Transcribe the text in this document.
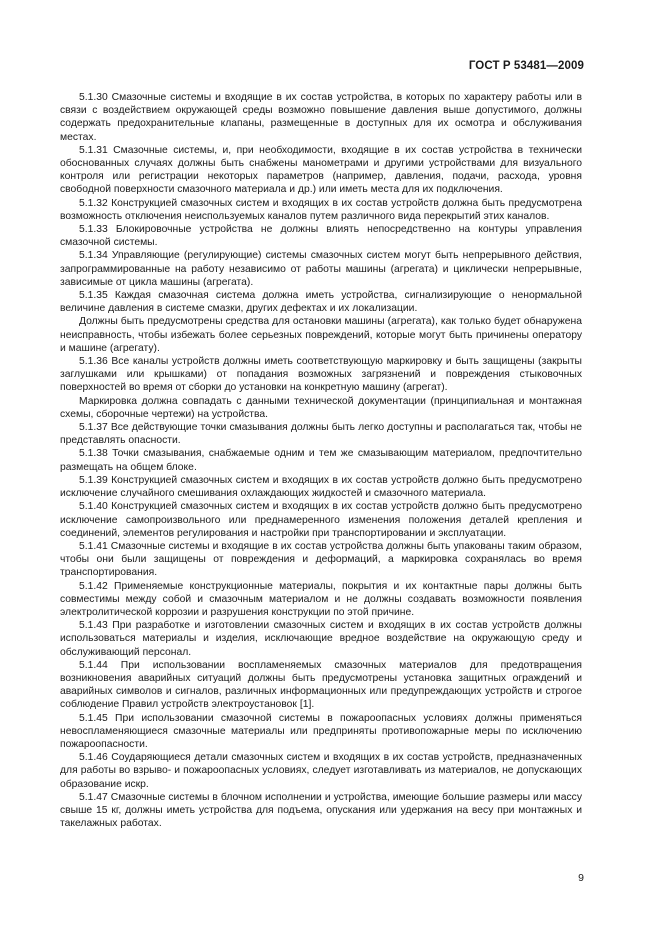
ГОСТ Р 53481—2009

5.1.30 Смазочные системы и входящие в их состав устройства, в которых по характеру работы или в связи с воздействием окружающей среды возможно повышение давления выше допустимого, должны содержать предохранительные клапаны, размещенные в доступных для их осмотра и обслуживания местах.

5.1.31 Смазочные системы, и, при необходимости, входящие в их состав устройства в технически обоснованных случаях должны быть снабжены манометрами и другими устройствами для визуального контроля или регистрации некоторых параметров (например, давления, подачи, расхода, уровня свободной поверхности смазочного материала и др.) или иметь места для их подключения.

5.1.32 Конструкцией смазочных систем и входящих в их состав устройств должна быть предусмотрена возможность отключения неиспользуемых каналов путем различного вида перекрытий этих каналов.

5.1.33 Блокировочные устройства не должны влиять непосредственно на контуры управления смазочной системы.

5.1.34 Управляющие (регулирующие) системы смазочных систем могут быть непрерывного действия, запрограммированные на работу независимо от работы машины (агрегата) и циклически непрерывные, зависимые от цикла машины (агрегата).

5.1.35 Каждая смазочная система должна иметь устройства, сигнализирующие о ненормальной величине давления в системе смазки, других дефектах и их локализации.

Должны быть предусмотрены средства для остановки машины (агрегата), как только будет обнаружена неисправность, чтобы избежать более серьезных повреждений, которые могут быть причинены оператору и машине (агрегату).

5.1.36 Все каналы устройств должны иметь соответствующую маркировку и быть защищены (закрыты заглушками или крышками) от попадания возможных загрязнений и повреждения стыковочных поверхностей во время от сборки до установки на конкретную машину (агрегат).

Маркировка должна совпадать с данными технической документации (принципиальная и монтажная схемы, сборочные чертежи) на устройства.

5.1.37 Все действующие точки смазывания должны быть легко доступны и располагаться так, чтобы не представлять опасности.

5.1.38 Точки смазывания, снабжаемые одним и тем же смазывающим материалом, предпочтительно размещать на общем блоке.

5.1.39 Конструкцией смазочных систем и входящих в их состав устройств должно быть предусмотрено исключение случайного смешивания охлаждающих жидкостей и смазочного материала.

5.1.40 Конструкцией смазочных систем и входящих в их состав устройств должно быть предусмотрено исключение самопроизвольного или преднамеренного изменения положения деталей крепления и соединений, элементов регулирования и настройки при транспортировании и эксплуатации.

5.1.41 Смазочные системы и входящие в их состав устройства должны быть упакованы таким образом, чтобы они были защищены от повреждения и деформаций, а маркировка сохранялась во время транспортирования.

5.1.42 Применяемые конструкционные материалы, покрытия и их контактные пары должны быть совместимы между собой и смазочным материалом и не должны создавать возможности появления электролитической коррозии и разрушения конструкции по этой причине.

5.1.43 При разработке и изготовлении смазочных систем и входящих в их состав устройств должны использоваться материалы и изделия, исключающие вредное воздействие на окружающую среду и обслуживающий персонал.

5.1.44 При использовании воспламеняемых смазочных материалов для предотвращения возникновения аварийных ситуаций должны быть предусмотрены установка защитных ограждений и аварийных символов и сигналов, различных информационных или предупреждающих устройств и строгое соблюдение Правил устройств электроустановок [1].

5.1.45 При использовании смазочной системы в пожароопасных условиях должны применяться невоспламеняющиеся смазочные материалы или предприняты противопожарные меры по исключению пожароопасности.

5.1.46 Соударяющиеся детали смазочных систем и входящих в их состав устройств, предназначенных для работы во взрыво- и пожароопасных условиях, следует изготавливать из материалов, не допускающих образование искр.

5.1.47 Смазочные системы в блочном исполнении и устройства, имеющие большие размеры или массу свыше 15 кг, должны иметь устройства для подъема, опускания или удержания на весу при монтажных и такелажных работах.

9
